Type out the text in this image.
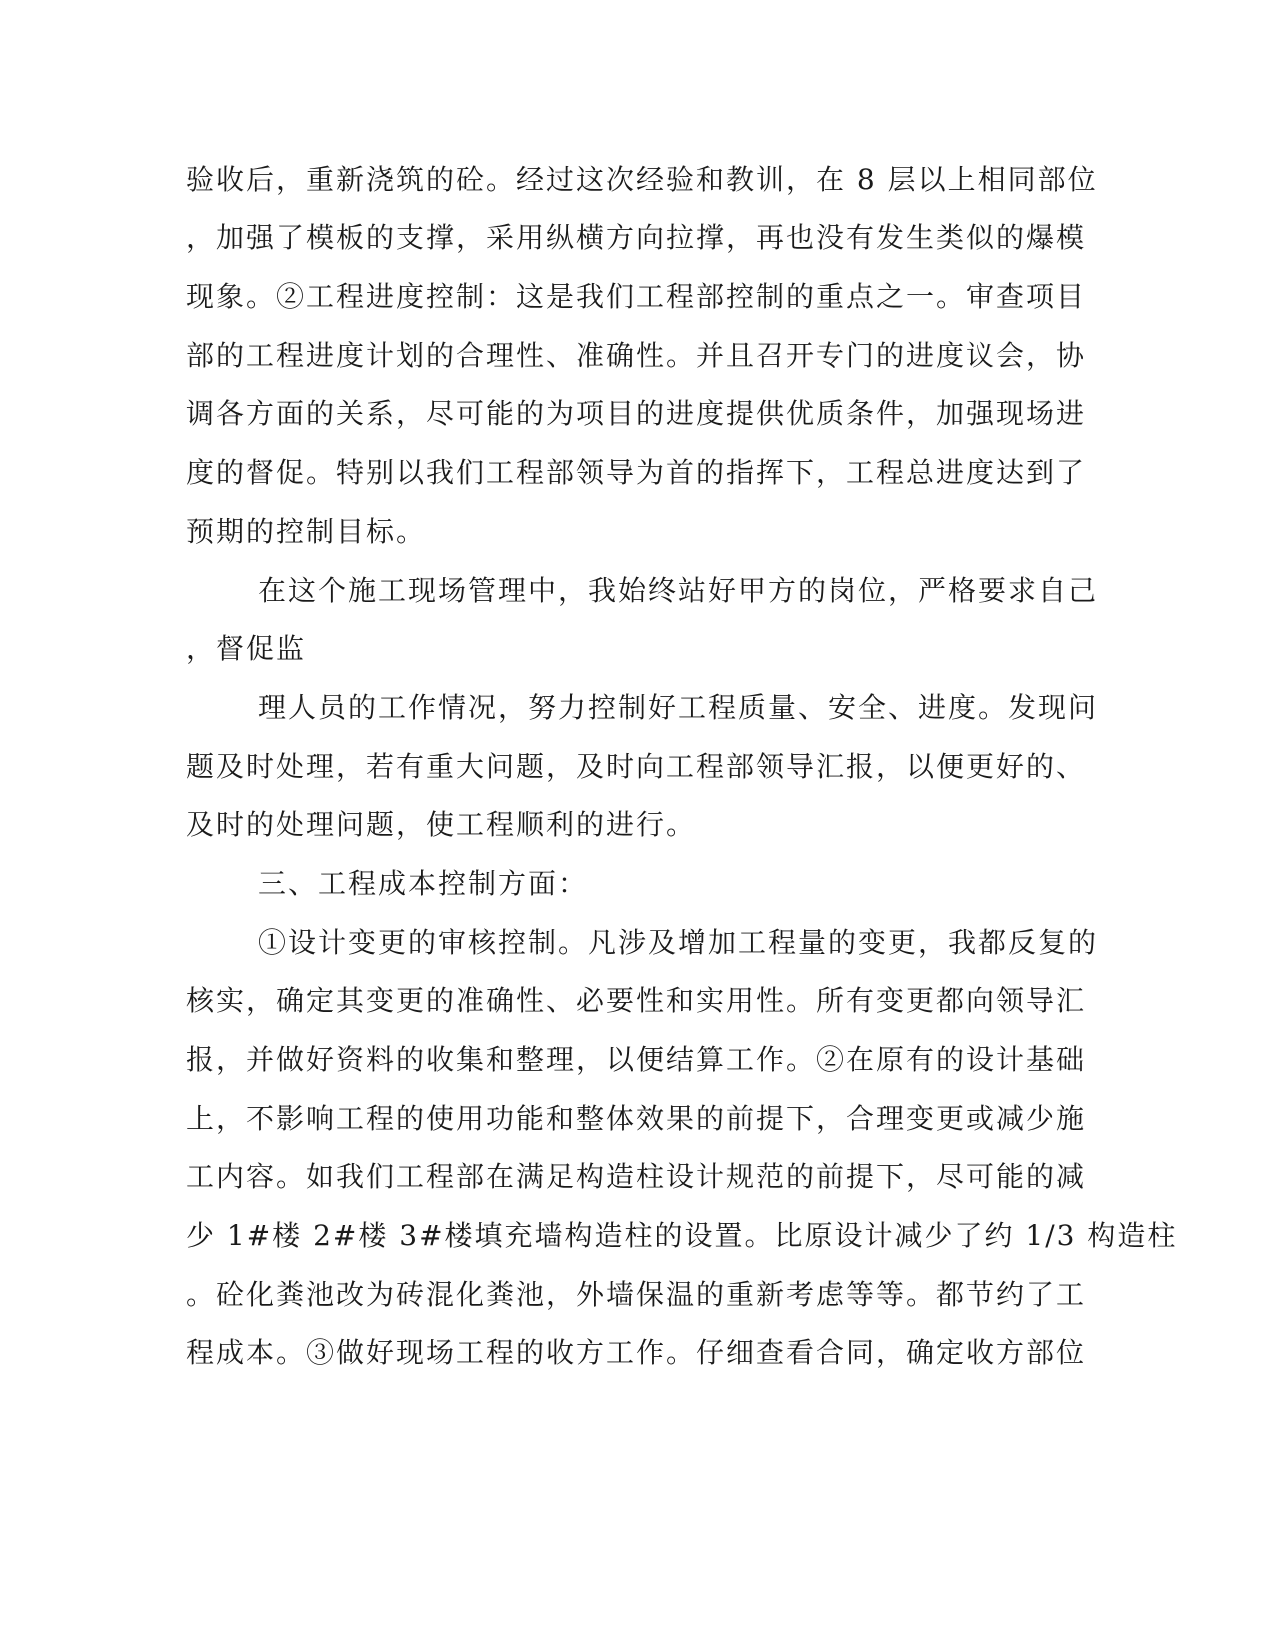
验收后，重新浇筑的砼。经过这次经验和教训，在 8 层以上相同部位
，加强了模板的支撑，采用纵横方向拉撑，再也没有发生类似的爆模
现象。②工程进度控制：这是我们工程部控制的重点之一。审查项目
部的工程进度计划的合理性、准确性。并且召开专门的进度议会，协
调各方面的关系，尽可能的为项目的进度提供优质条件，加强现场进
度的督促。特别以我们工程部领导为首的指挥下，工程总进度达到了
预期的控制目标。
在这个施工现场管理中，我始终站好甲方的岗位，严格要求自己
，督促监
理人员的工作情况，努力控制好工程质量、安全、进度。发现问
题及时处理，若有重大问题，及时向工程部领导汇报，以便更好的、
及时的处理问题，使工程顺利的进行。
三、工程成本控制方面：
①设计变更的审核控制。凡涉及增加工程量的变更，我都反复的
核实，确定其变更的准确性、必要性和实用性。所有变更都向领导汇
报，并做好资料的收集和整理，以便结算工作。②在原有的设计基础
上，不影响工程的使用功能和整体效果的前提下，合理变更或减少施
工内容。如我们工程部在满足构造柱设计规范的前提下，尽可能的减
少 1#楼 2#楼 3#楼填充墙构造柱的设置。比原设计减少了约 1/3 构造柱
。砼化粪池改为砖混化粪池，外墙保温的重新考虑等等。都节约了工
程成本。③做好现场工程的收方工作。仔细查看合同，确定收方部位
